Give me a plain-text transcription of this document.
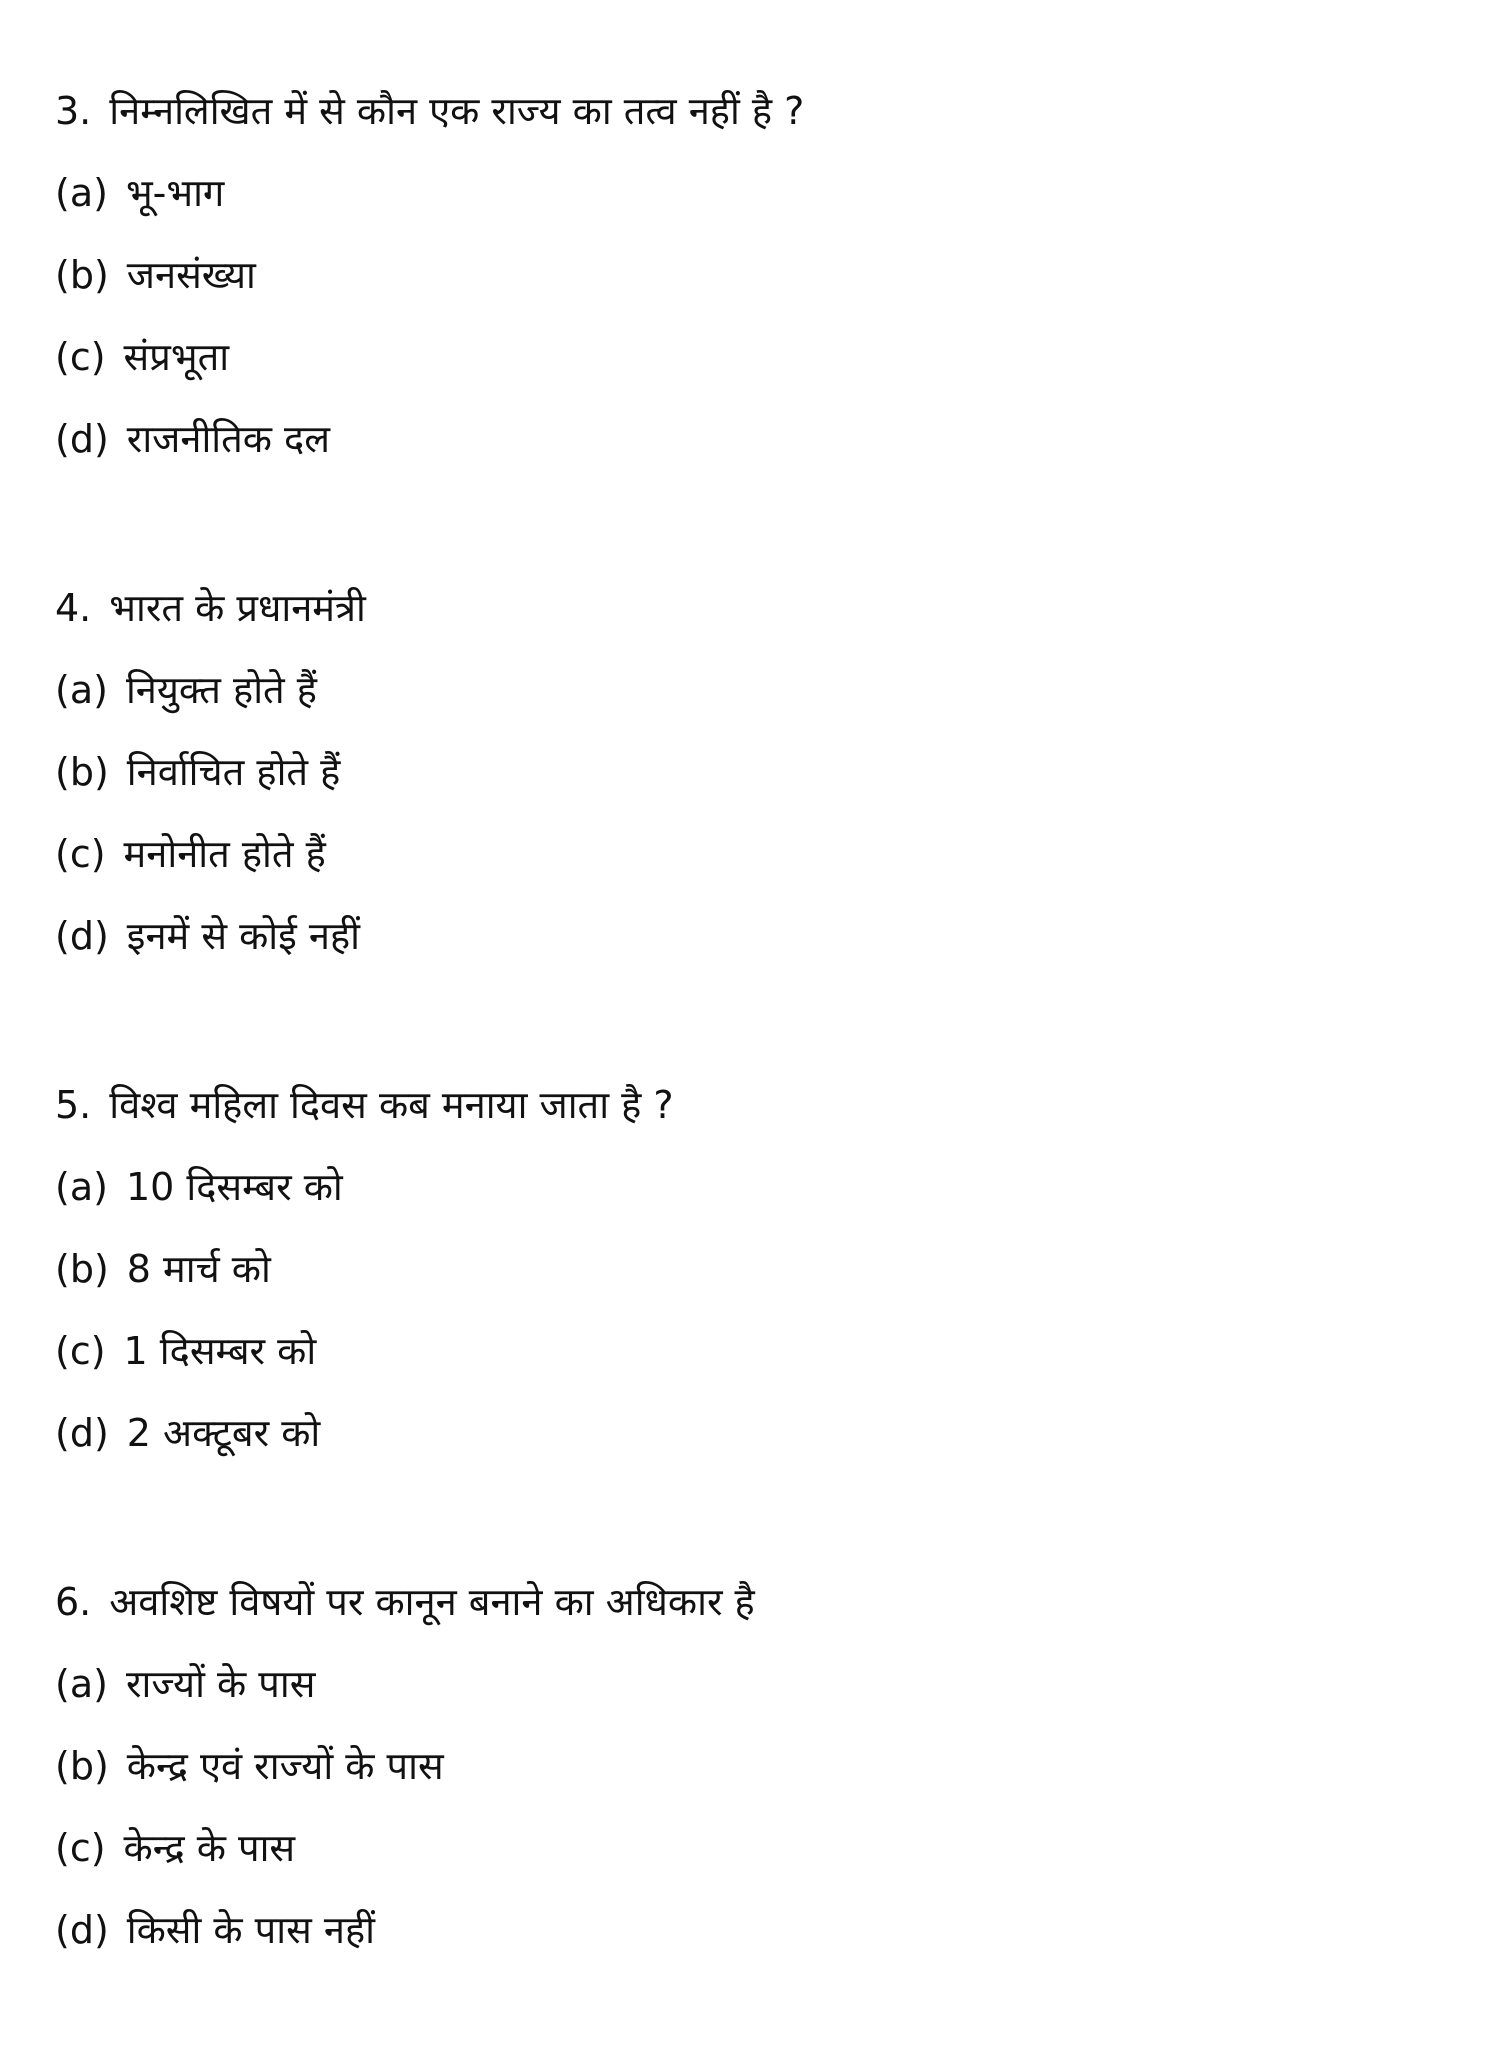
3. निम्नलिखित में से कौन एक राज्य का तत्व नहीं है ?
(a) भू-भाग
(b) जनसंख्या
(c) संप्रभूता
(d) राजनीतिक दल
4. भारत के प्रधानमंत्री
(a) नियुक्त होते हैं
(b) निर्वाचित होते हैं
(c) मनोनीत होते हैं
(d) इनमें से कोई नहीं
5. विश्व महिला दिवस कब मनाया जाता है ?
(a) 10 दिसम्बर को
(b) 8 मार्च को
(c) 1 दिसम्बर को
(d) 2 अक्टूबर को
6. अवशिष्ट विषयों पर कानून बनाने का अधिकार है
(a) राज्यों के पास
(b) केन्द्र एवं राज्यों के पास
(c) केन्द्र के पास
(d) किसी के पास नहीं
